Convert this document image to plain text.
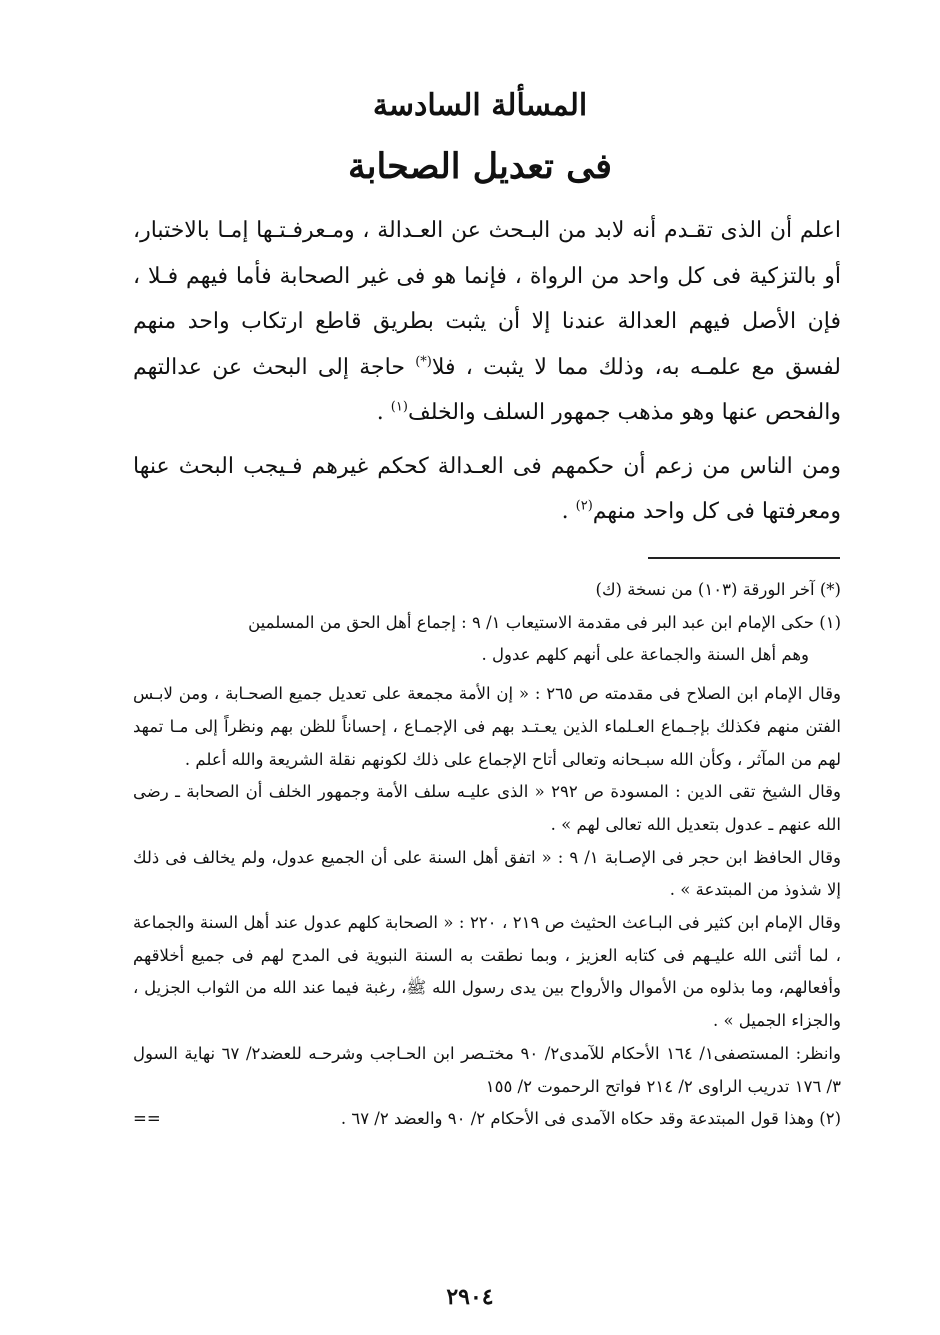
المسألة السادسة
فى تعديل الصحابة

اعلم أن الذى تقـدم أنه لابد من البـحث عن العـدالة ، ومـعرفـتـها إمـا بالاختبار، أو بالتزكية فى كل واحد من الرواة ، فإنما هو فى غير الصحابة فأما فيهم فـلا ، فإن الأصل فيهم العدالة عندنا إلا أن يثبت بطريق قاطع ارتكاب واحد منهم لفسق مع علمـه به، وذلك مما لا يثبت ، فلا(*) حاجة إلى البحث عن عدالتهم والفحص عنها وهو مذهب جمهور السلف والخلف$^{(١)}$ .

ومن الناس من زعم أن حكمهم فى العـدالة كحكم غيرهم فـيجب البحث عنها ومعرفتها فى كل واحد منهم$^{(٢)}$ .

(*) آخر الورقة (١٠٣) من نسخة (ك)

(١) حكى الإمام ابن عبد البر فى مقدمة الاستيعاب ١/ ٩ : إجماع أهل الحق من المسلمين

وهم أهل السنة والجماعة على أنهم كلهم عدول .

وقال الإمام ابن الصلاح فى مقدمته ص ٢٦٥ : « إن الأمة مجمعة على تعديل جميع الصحـابة ، ومن لابـس الفتن منهم فكذلك بإجـماع العـلماء الذين يعـتـد بهم فى الإجمـاع ، إحساناً للظن بهم ونظراً إلى مـا تمهد لهم من المآثر ، وكأن الله سبـحانه وتعالى أتاح الإجماع على ذلك لكونهم نقلة الشريعة والله أعلم .

وقال الشيخ تقى الدين : المسودة ص ٢٩٢ « الذى عليـه سلف الأمة وجمهور الخلف أن الصحابة ـ رضى الله عنهم ـ عدول بتعديل الله تعالى لهم » .

وقال الحافظ ابن حجر فى الإصـابة ١/ ٩ : « اتفق أهل السنة على أن الجميع عدول، ولم يخالف فى ذلك إلا شذوذ من المبتدعة » .

وقال الإمام ابن كثير فى البـاعث الحثيث ص ٢١٩ ، ٢٢٠ : « الصحابة كلهم عدول عند أهل السنة والجماعة ، لما أثنى الله عليـهم فى كتابه العزيز ، وبما نطقت به السنة النبوية فى المدح لهم فى جميع أخلاقهم وأفعالهم، وما بذلوه من الأموال والأرواح بين يدى رسول الله ﷺ، رغبة فيما عند الله من الثواب الجزيل ، والجزاء الجميل » .

وانظر: المستصفى١/ ١٦٤ الأحكام للآمدى٢/ ٩٠ مختـصر ابن الحـاجب وشرحـه للعضد٢/ ٦٧ نهاية السول ٣/ ١٧٦ تدريب الراوى ٢/ ٢١٤ فواتح الرحموت ٢/ ١٥٥

(٢) وهذا قول المبتدعة وقد حكاه الآمدى فى الأحكام ٢/ ٩٠ والعضد ٢/ ٦٧ .
==

٢٩٠٤
